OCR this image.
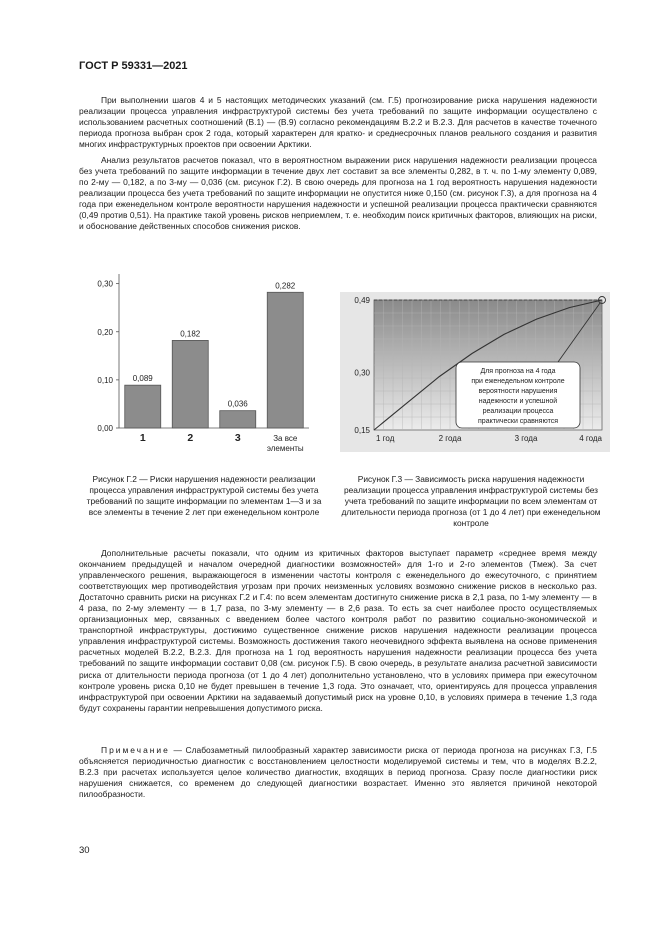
ГОСТ Р 59331—2021

При выполнении шагов 4 и 5 настоящих методических указаний (см. Г.5) прогнозирование риска нарушения надежности реализации процесса управления инфраструктурой системы без учета требований по защите информации осуществлено с использованием расчетных соотношений (В.1) — (В.9) согласно рекомендациям В.2.2 и В.2.3. Для расчетов в качестве точечного периода прогноза выбран срок 2 года, который характерен для кратко- и среднесрочных планов реального создания и развития многих инфраструктурных проектов при освоении Арктики.

Анализ результатов расчетов показал, что в вероятностном выражении риск нарушения надежности реализации процесса без учета требований по защите информации в течение двух лет составит за все элементы 0,282, в т. ч. по 1-му элементу 0,089, по 2-му — 0,182, а по 3-му — 0,036 (см. рисунок Г.2). В свою очередь для прогноза на 1 год вероятность нарушения надежности реализации процесса без учета требований по защите информации не опустится ниже 0,150 (см. рисунок Г.3), а для прогноза на 4 года при еженедельном контроле вероятности нарушения надежности и успешной реализации процесса практически сравняются (0,49 против 0,51). На практике такой уровень рисков неприемлем, т. е. необходим поиск критичных факторов, влияющих на риски, и обоснование действенных способов снижения рисков.

0,00
0,10
0,20
0,30
0,089
1
0,182
2
0,036
3
0,282
За все
элементы
0,15
0,30
0,49
1 год	2 года	3 года	4 года
Для прогноза на 4 года
при еженедельном контроле
вероятности нарушения
надежности и успешной
реализации процесса
практически сравняются

Рисунок Г.2 — Риски нарушения надежности реализации процесса управления инфраструктурой системы без учета требований по защите информации по элементам 1—3 и за все элементы в течение 2 лет при еженедельном контроле

Рисунок Г.3 — Зависимость риска нарушения надежности реализации процесса управления инфраструктурой системы без учета требований по защите информации по всем элементам от длительности периода прогноза (от 1 до 4 лет) при еженедельном контроле

Дополнительные расчеты показали, что одним из критичных факторов выступает параметр «среднее время между окончанием предыдущей и началом очередной диагностики возможностей» для 1-го и 2-го элементов (Tмеж). За счет управленческого решения, выражающегося в изменении частоты контроля с еженедельного до ежесуточного, с принятием соответствующих мер противодействия угрозам при прочих неизменных условиях возможно снижение рисков в несколько раз. Достаточно сравнить риски на рисунках Г.2 и Г.4: по всем элементам достигнуто снижение риска в 2,1 раза, по 1-му элементу — в 4 раза, по 2-му элементу — в 1,7 раза, по 3-му элементу — в 2,6 раза. То есть за счет наиболее просто осуществляемых организационных мер, связанных с введением более частого контроля работ по развитию социально-экономической и транспортной инфраструктуры, достижимо существенное снижение рисков нарушения надежности реализации процесса управления инфраструктурой системы. Возможность достижения такого неочевидного эффекта выявлена на основе применения расчетных моделей В.2.2, В.2.3. Для прогноза на 1 год вероятность нарушения надежности реализации процесса без учета требований по защите информации составит 0,08 (см. рисунок Г.5). В свою очередь, в результате анализа расчетной зависимости риска от длительности периода прогноза (от 1 до 4 лет) дополнительно установлено, что в условиях примера при ежесуточном контроле уровень риска 0,10 не будет превышен в течение 1,3 года. Это означает, что, ориентируясь для процесса управления инфраструктурой при освоении Арктики на задаваемый допустимый риск на уровне 0,10, в условиях примера в течение 1,3 года будут сохранены гарантии непревышения допустимого риска.

Примечание — Слабозаметный пилообразный характер зависимости риска от периода прогноза на рисунках Г.3, Г.5 объясняется периодичностью диагностик с восстановлением целостности моделируемой системы и тем, что в моделях В.2.2, В.2.3 при расчетах используется целое количество диагностик, входящих в период прогноза. Сразу после диагностики риск нарушения снижается, со временем до следующей диагностики возрастает. Именно это является причиной некоторой пилообразности.

30
